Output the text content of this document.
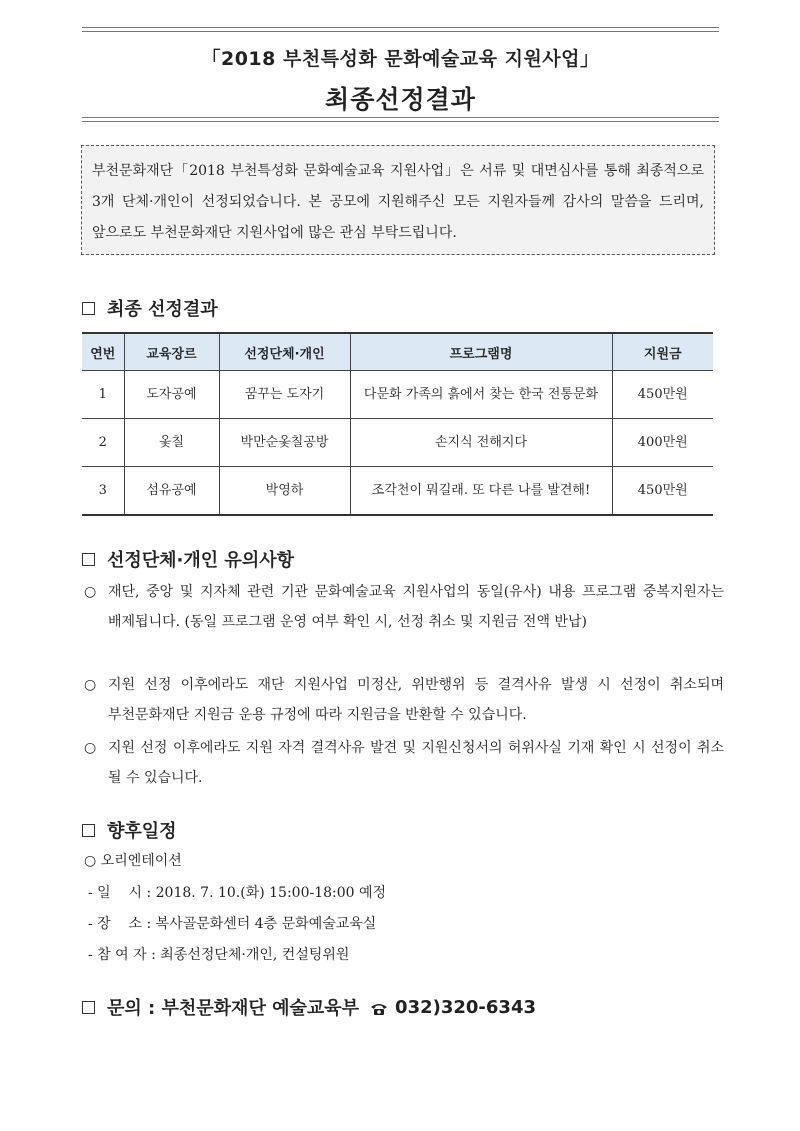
「2018 부천특성화 문화예술교육 지원사업」
최종선정결과

부천문화재단「2018 부천특성화 문화예술교육 지원사업」은 서류 및 대면심사를 통해 최종적으로 3개 단체·개인이 선정되었습니다. 본 공모에 지원해주신 모든 지원자들께 감사의 말씀을 드리며, 앞으로도 부천문화재단 지원사업에 많은 관심 부탁드립니다.

최종 선정결과
연번	교육장르	선정단체·개인	프로그램명	지원금
1	도자공예	꿈꾸는 도자기	다문화 가족의 흙에서 찾는 한국 전통문화	450만원
2	옻칠	박만순옻칠공방	손지식 전해지다	400만원
3	섬유공예	박영하	조각천이 뭐길래. 또 다른 나를 발견해!	450만원
선정단체·개인 유의사항
○ 재단, 중앙 및 지자체 관련 기관 문화예술교육 지원사업의 동일(유사) 내용 프로그램 중복지원자는 배제됩니다. (동일 프로그램 운영 여부 확인 시, 선정 취소 및 지원금 전액 반납)
○ 지원 선정 이후에라도 재단 지원사업 미정산, 위반행위 등 결격사유 발생 시 선정이 취소되며 부천문화재단 지원금 운용 규정에 따라 지원금을 반환할 수 있습니다.
○ 지원 선정 이후에라도 지원 자격 결격사유 발견 및 지원신청서의 허위사실 기재 확인 시 선정이 취소 될 수 있습니다.
향후일정
○ 오리엔테이션
- 일    시 : 2018. 7. 10.(화) 15:00-18:00 예정
- 장    소 : 복사골문화센터 4층 문화예술교육실
- 참 여 자 : 최종선정단체·개인, 컨설팅위원
문의 : 부천문화재단 예술교육부 032)320-6343
